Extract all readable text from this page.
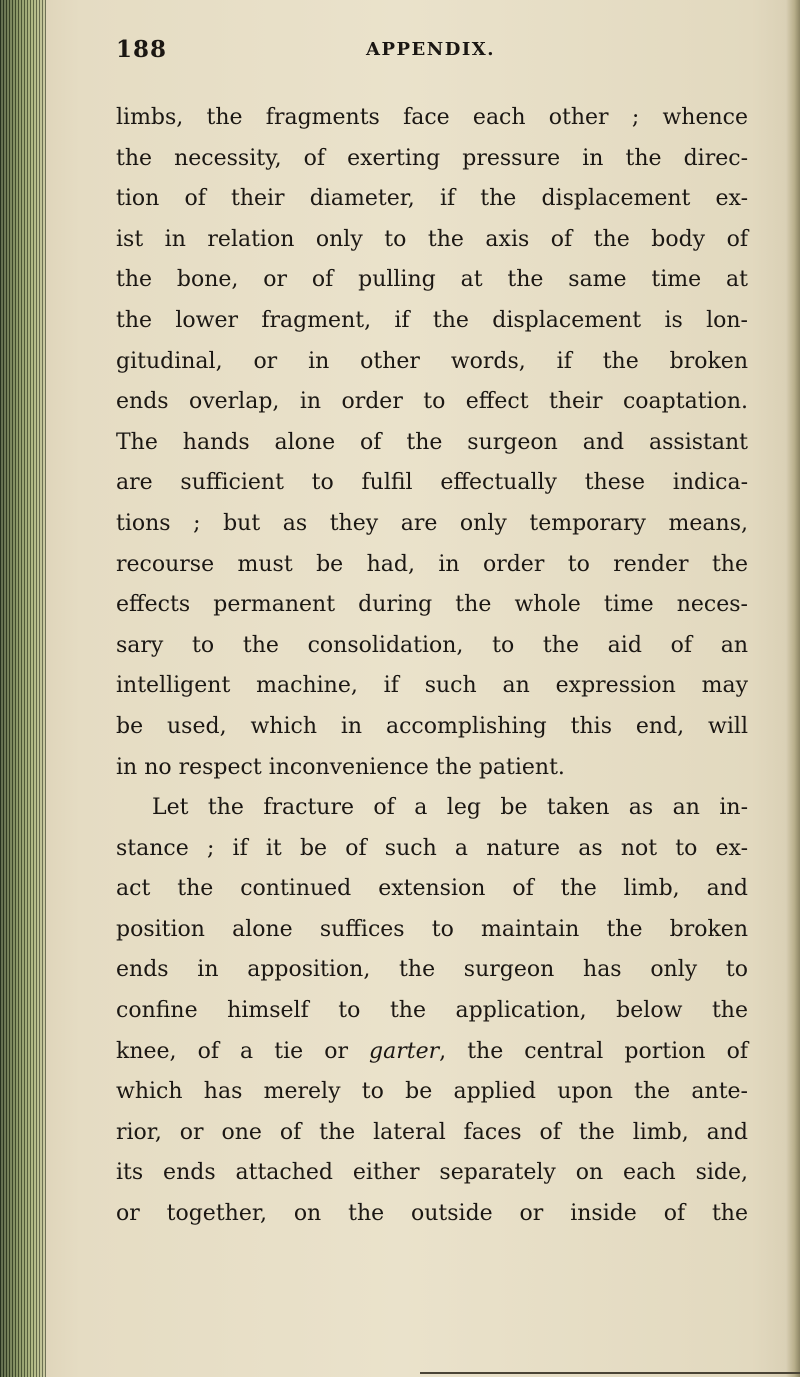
188	APPENDIX.
limbs, the fragments face each other ; whence
the necessity, of exerting pressure in the direc-
tion of their diameter, if the displacement ex-
ist in relation only to the axis of the body of
the bone, or of pulling at the same time at
the lower fragment, if the displacement is lon-
gitudinal, or in other words, if the broken
ends overlap, in order to effect their coaptation.
The hands alone of the surgeon and assistant
are sufficient to fulfil effectually these indica-
tions ; but as they are only temporary means,
recourse must be had, in order to render the
effects permanent during the whole time neces-
sary to the consolidation, to the aid of an
intelligent machine, if such an expression may
be used, which in accomplishing this end, will
in no respect inconvenience the patient.
Let the fracture of a leg be taken as an in-
stance ; if it be of such a nature as not to ex-
act the continued extension of the limb, and
position alone suffices to maintain the broken
ends in apposition, the surgeon has only to
confine himself to the application, below the
knee, of a tie or garter, the central portion of
which has merely to be applied upon the ante-
rior, or one of the lateral faces of the limb, and
its ends attached either separately on each side,
or together, on the outside or inside of the
